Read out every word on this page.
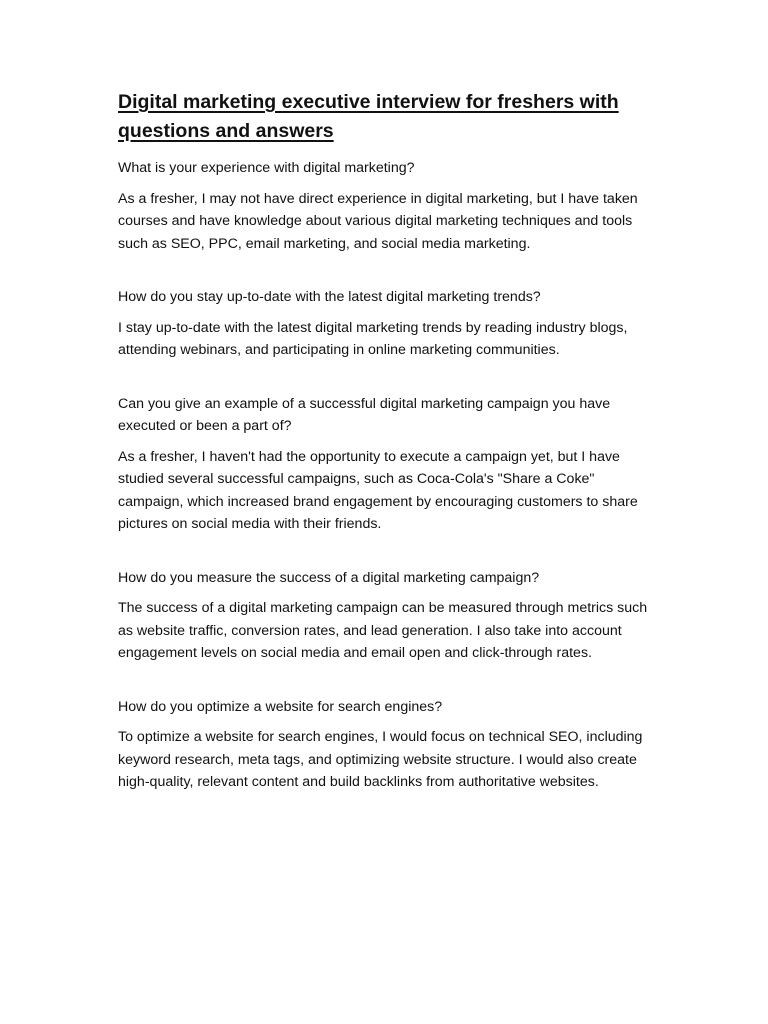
Digital marketing executive interview for freshers with questions and answers

What is your experience with digital marketing?

As a fresher, I may not have direct experience in digital marketing, but I have taken courses and have knowledge about various digital marketing techniques and tools such as SEO, PPC, email marketing, and social media marketing.

How do you stay up-to-date with the latest digital marketing trends?

I stay up-to-date with the latest digital marketing trends by reading industry blogs, attending webinars, and participating in online marketing communities.

Can you give an example of a successful digital marketing campaign you have executed or been a part of?

As a fresher, I haven't had the opportunity to execute a campaign yet, but I have studied several successful campaigns, such as Coca-Cola's "Share a Coke" campaign, which increased brand engagement by encouraging customers to share pictures on social media with their friends.

How do you measure the success of a digital marketing campaign?

The success of a digital marketing campaign can be measured through metrics such as website traffic, conversion rates, and lead generation. I also take into account engagement levels on social media and email open and click-through rates.

How do you optimize a website for search engines?

To optimize a website for search engines, I would focus on technical SEO, including keyword research, meta tags, and optimizing website structure. I would also create high-quality, relevant content and build backlinks from authoritative websites.
